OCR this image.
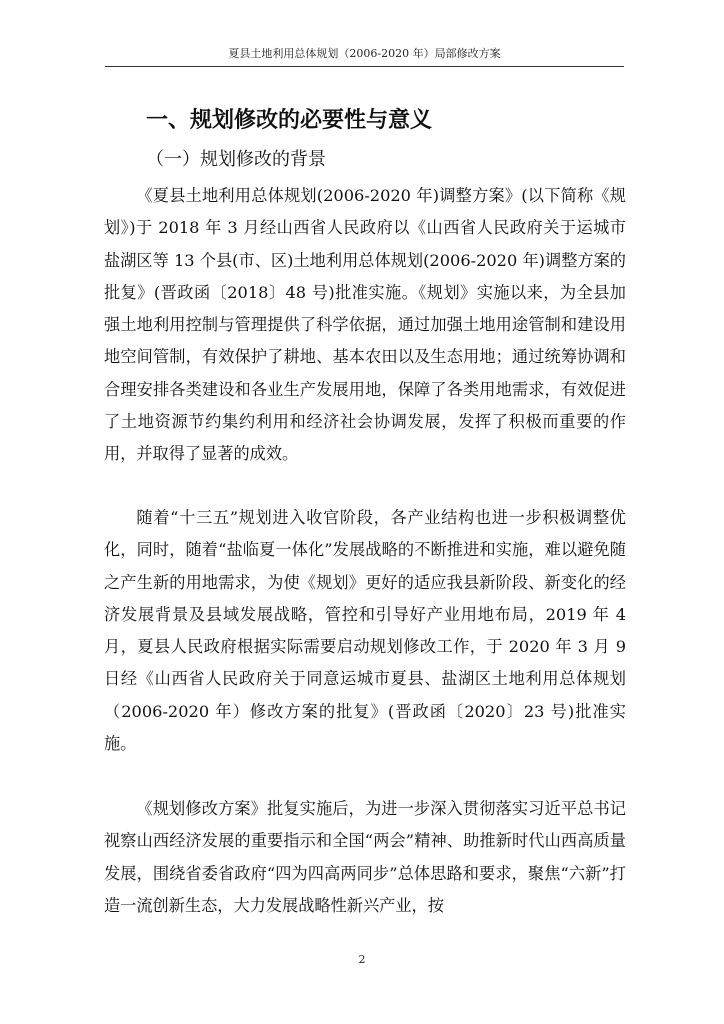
夏县土地利用总体规划（2006-2020 年）局部修改方案
一、规划修改的必要性与意义
（一）规划修改的背景

《夏县土地利用总体规划(2006-2020 年)调整方案》(以下简称《规划》)于 2018 年 3 月经山西省人民政府以《山西省人民政府关于运城市盐湖区等 13 个县(市、区)土地利用总体规划(2006-2020 年)调整方案的批复》(晋政函〔2018〕48 号)批准实施。《规划》实施以来，为全县加强土地利用控制与管理提供了科学依据，通过加强土地用途管制和建设用地空间管制，有效保护了耕地、基本农田以及生态用地；通过统筹协调和合理安排各类建设和各业生产发展用地，保障了各类用地需求，有效促进了土地资源节约集约利用和经济社会协调发展，发挥了积极而重要的作用，并取得了显著的成效。

随着“十三五”规划进入收官阶段，各产业结构也进一步积极调整优化，同时，随着“盐临夏一体化”发展战略的不断推进和实施，难以避免随之产生新的用地需求，为使《规划》更好的适应我县新阶段、新变化的经济发展背景及县域发展战略，管控和引导好产业用地布局，2019 年 4 月，夏县人民政府根据实际需要启动规划修改工作，于 2020 年 3 月 9 日经《山西省人民政府关于同意运城市夏县、盐湖区土地利用总体规划（2006-2020 年）修改方案的批复》(晋政函〔2020〕23 号)批准实施。

《规划修改方案》批复实施后，为进一步深入贯彻落实习近平总书记视察山西经济发展的重要指示和全国“两会”精神、助推新时代山西高质量发展，围绕省委省政府“四为四高两同步”总体思路和要求，聚焦“六新”打造一流创新生态，大力发展战略性新兴产业，按

2
